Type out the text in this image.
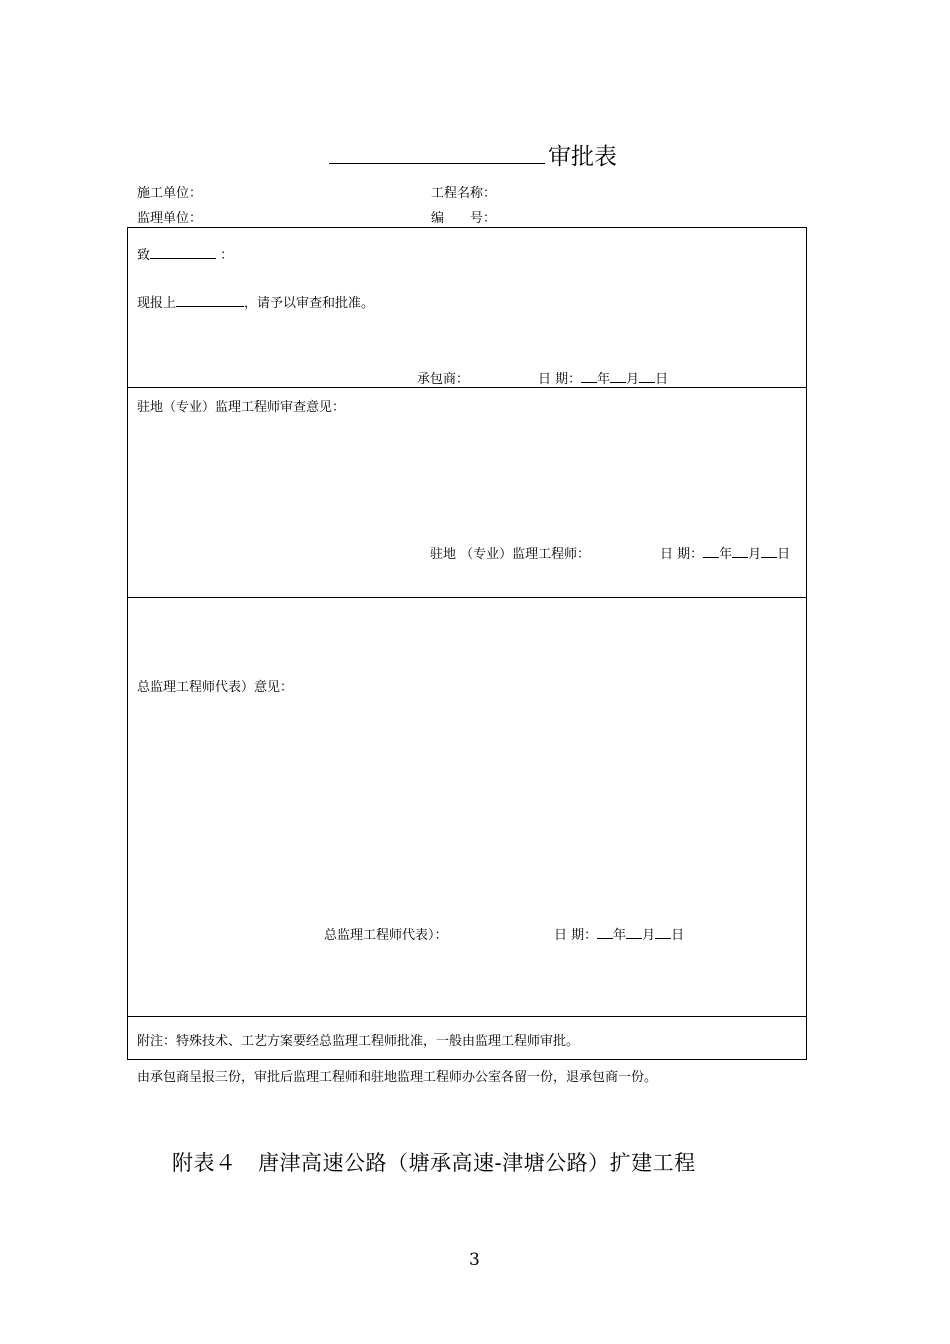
审批表
施工单位：	工程名称：
监理单位：	编　　号：
致	：
现报上	，请予以审查和批准。
承包商：	日 期： 年 月 日
驻地（专业）监理工程师审查意见：
驻地 （专业）监理工程师：	日 期： 年 月 日
总监理工程师代表）意见：
总监理工程师代表）：	日 期： 年 月 日
附注：特殊技术、工艺方案要经总监理工程师批准，一般由监理工程师审批。
由承包商呈报三份，审批后监理工程师和驻地监理工程师办公室各留一份，退承包商一份。
附表４　唐津高速公路（塘承高速-津塘公路）扩建工程
3
